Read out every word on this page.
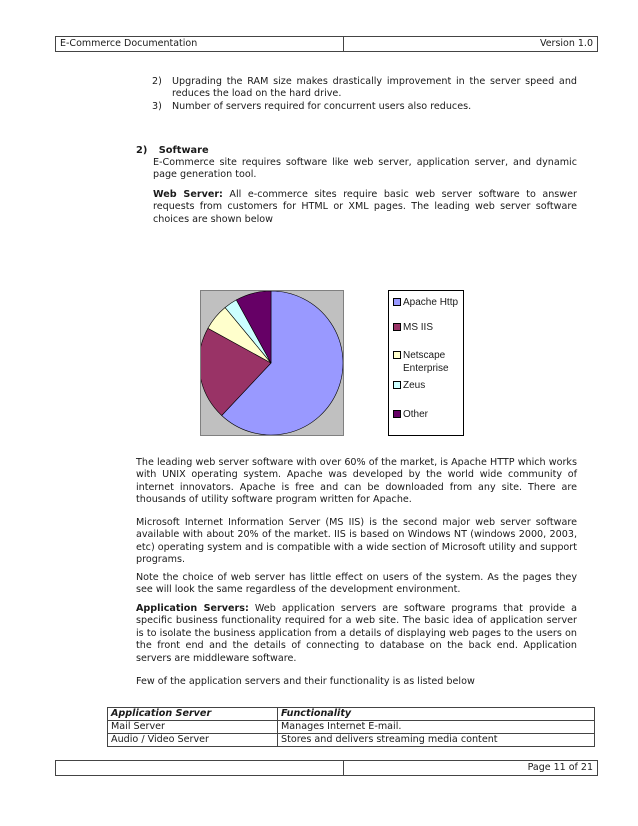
E-Commerce Documentation	Version 1.0
2) Upgrading the RAM size makes drastically improvement in the server speed and reduces the load on the hard drive.
3) Number of servers required for concurrent users also reduces.
2) Software
E-Commerce site requires software like web server, application server, and dynamic page generation tool.
Web Server: All e-commerce sites require basic web server software to answer requests from customers for HTML or XML pages. The leading web server software choices are shown below
Apache Http
MS IIS
Netscape
Enterprise
Zeus
Other
The leading web server software with over 60% of the market, is Apache HTTP which works with UNIX operating system. Apache was developed by the world wide community of internet innovators. Apache is free and can be downloaded from any site. There are thousands of utility software program written for Apache.
Microsoft Internet Information Server (MS IIS) is the second major web server software available with about 20% of the market. IIS is based on Windows NT (windows 2000, 2003, etc) operating system and is compatible with a wide section of Microsoft utility and support programs.
Note the choice of web server has little effect on users of the system. As the pages they see will look the same regardless of the development environment.
Application Servers: Web application servers are software programs that provide a specific business functionality required for a web site. The basic idea of application server is to isolate the business application from a details of displaying web pages to the users on the front end and the details of connecting to database on the back end. Application servers are middleware software.
Few of the application servers and their functionality is as listed below
Application Server	Functionality
Mail Server	Manages Internet E-mail.
Audio / Video Server	Stores and delivers streaming media content
Page 11 of 21
